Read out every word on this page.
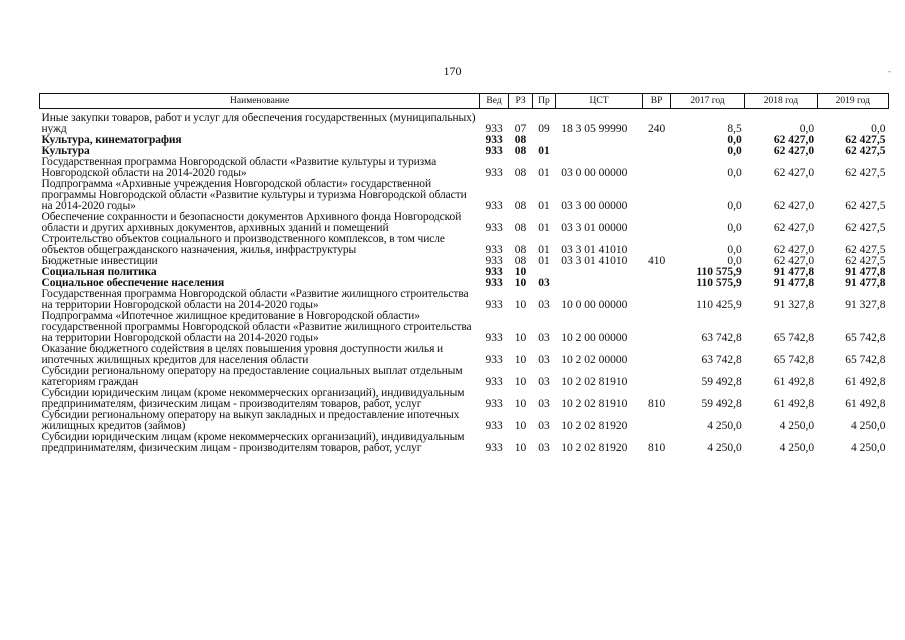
170	-
Наименование	Вед	РЗ	Пр	ЦСТ	ВР	2017 год	2018 год	2019 год
Иные закупки товаров, работ и услуг для обеспечения государственных (муниципальных) нужд	933	07	09	18 3 05 99990	240	8,5	0,0	0,0
Культура, кинематография	933	08				0,0	62 427,0	62 427,5
Культура	933	08	01			0,0	62 427,0	62 427,5
Государственная программа Новгородской области «Развитие культуры и туризма Новгородской области на 2014-2020 годы»	933	08	01	03 0 00 00000		0,0	62 427,0	62 427,5
Подпрограмма «Архивные учреждения Новгородской области» государственной программы Новгородской области «Развитие культуры и туризма Новгородской области на 2014-2020 годы»	933	08	01	03 3 00 00000		0,0	62 427,0	62 427,5
Обеспечение сохранности и безопасности документов Архивного фонда Новгородской области и других архивных документов, архивных зданий и помещений	933	08	01	03 3 01 00000		0,0	62 427,0	62 427,5
Строительство объектов социального и производственного комплексов, в том числе объектов общегражданского назначения, жилья, инфраструктуры	933	08	01	03 3 01 41010		0,0	62 427,0	62 427,5
Бюджетные инвестиции	933	08	01	03 3 01 41010	410	0,0	62 427,0	62 427,5
Социальная политика	933	10				110 575,9	91 477,8	91 477,8
Социальное обеспечение населения	933	10	03			110 575,9	91 477,8	91 477,8
Государственная программа Новгородской области «Развитие жилищного строительства на территории Новгородской области на 2014-2020 годы»	933	10	03	10 0 00 00000		110 425,9	91 327,8	91 327,8
Подпрограмма «Ипотечное жилищное кредитование в Новгородской области» государственной программы Новгородской области «Развитие жилищного строительства на территории Новгородской области на 2014-2020 годы»	933	10	03	10 2 00 00000		63 742,8	65 742,8	65 742,8
Оказание бюджетного содействия в целях повышения уровня доступности жилья и ипотечных жилищных кредитов для населения области	933	10	03	10 2 02 00000		63 742,8	65 742,8	65 742,8
Субсидии региональному оператору на предоставление социальных выплат отдельным категориям граждан	933	10	03	10 2 02 81910		59 492,8	61 492,8	61 492,8
Субсидии юридическим лицам (кроме некоммерческих организаций), индивидуальным предпринимателям, физическим лицам - производителям товаров, работ, услуг	933	10	03	10 2 02 81910	810	59 492,8	61 492,8	61 492,8
Субсидии региональному оператору на выкуп закладных и предоставление ипотечных жилищных кредитов (займов)	933	10	03	10 2 02 81920		4 250,0	4 250,0	4 250,0
Субсидии юридическим лицам (кроме некоммерческих организаций), индивидуальным предпринимателям, физическим лицам - производителям товаров, работ, услуг	933	10	03	10 2 02 81920	810	4 250,0	4 250,0	4 250,0
